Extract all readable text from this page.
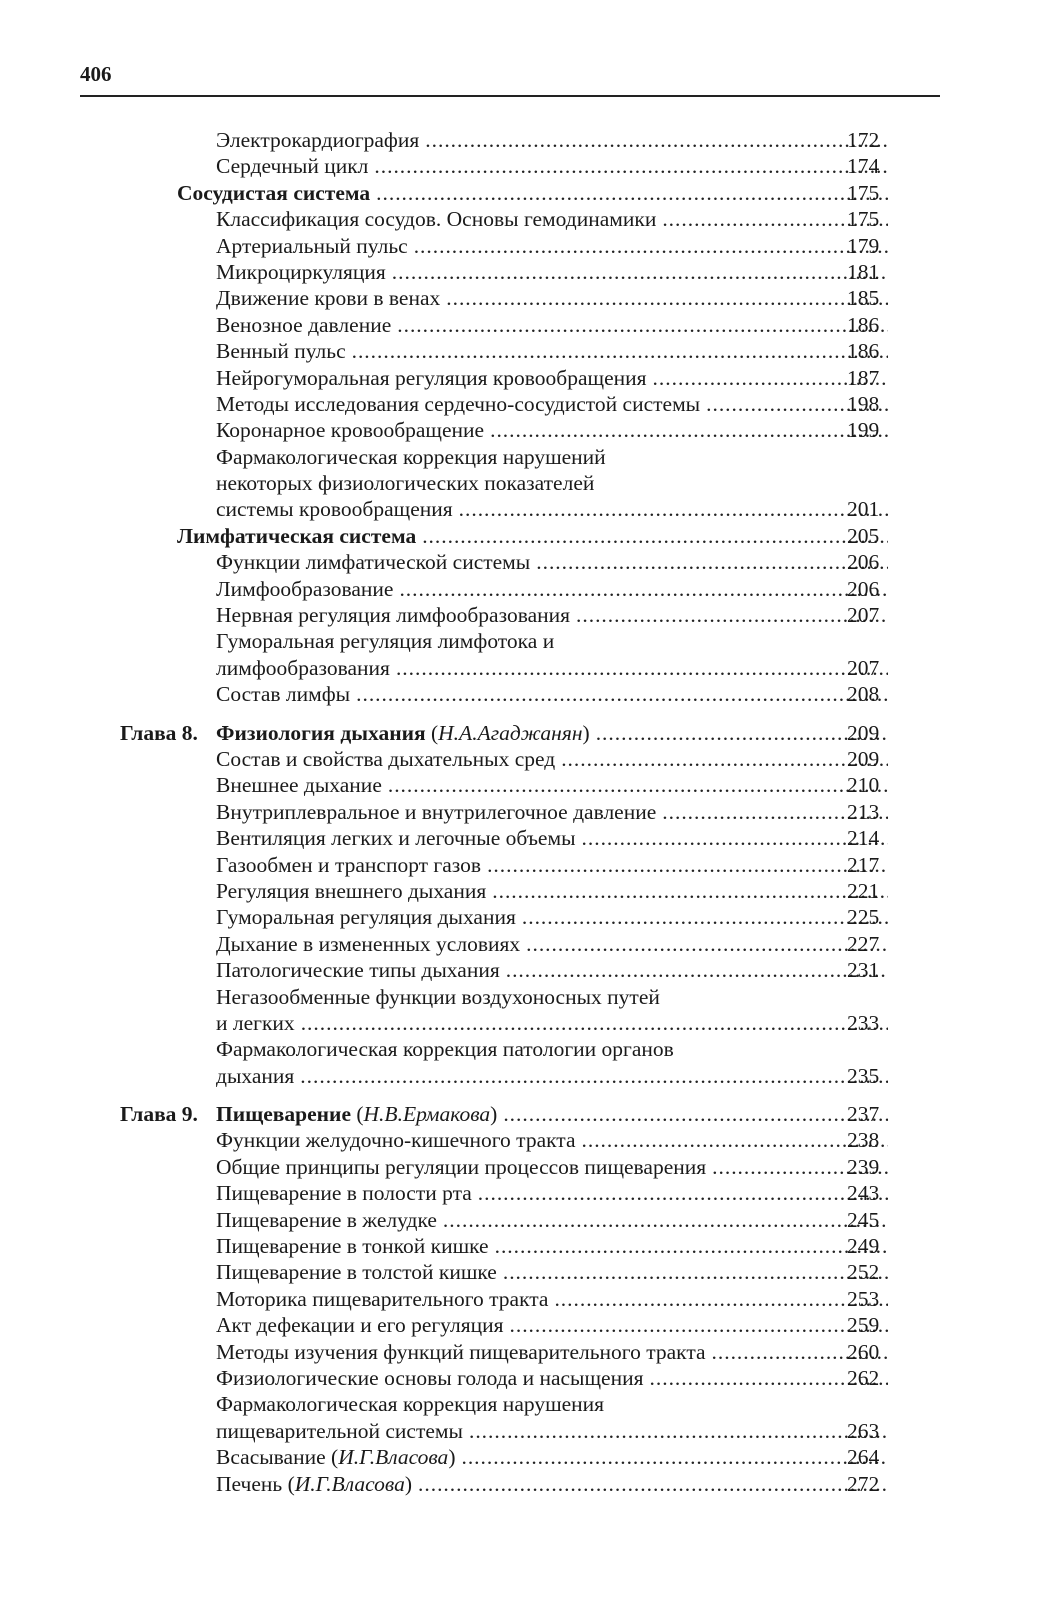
406
Электрокардиография . . .	172
Сердечный цикл . . .	174
Сосудистая система . . .	175
Классификация сосудов. Основы гемодинамики . . .	175
Артериальный пульс . . .	179
Микроциркуляция . . .	181
Движение крови в венах . . .	185
Венозное давление . . .	186
Венный пульс . . .	186
Нейрогуморальная регуляция кровообращения . . .	187
Методы исследования сердечно-сосудистой системы . . .	198
Коронарное кровообращение . . .	199
Фармакологическая коррекция нарушений
некоторых физиологических показателей
системы кровообращения . . .	201
Лимфатическая система . . .	205
Функции лимфатической системы . . .	206
Лимфообразование . . .	206
Нервная регуляция лимфообразования . . .	207
Гуморальная регуляция лимфотока и
лимфообразования . . .	207
Состав лимфы . . .	208
Глава 8. Физиология дыхания (Н.А.Агаджанян) . . .	209
Состав и свойства дыхательных сред . . .	209
Внешнее дыхание . . .	210
Внутриплевральное и внутрилегочное давление . . .	213
Вентиляция легких и легочные объемы . . .	214
Газообмен и транспорт газов . . .	217
Регуляция внешнего дыхания . . .	221
Гуморальная регуляция дыхания . . .	225
Дыхание в измененных условиях . . .	227
Патологические типы дыхания . . .	231
Негазообменные функции воздухоносных путей
и легких . . .	233
Фармакологическая коррекция патологии органов
дыхания . . .	235
Глава 9. Пищеварение (Н.В.Ермакова) . . .	237
Функции желудочно-кишечного тракта . . .	238
Общие принципы регуляции процессов пищеварения . . .	239
Пищеварение в полости рта . . .	243
Пищеварение в желудке . . .	245
Пищеварение в тонкой кишке . . .	249
Пищеварение в толстой кишке . . .	252
Моторика пищеварительного тракта . . .	253
Акт дефекации и его регуляция . . .	259
Методы изучения функций пищеварительного тракта . . .	260
Физиологические основы голода и насыщения . . .	262
Фармакологическая коррекция нарушения
пищеварительной системы . . .	263
Всасывание (И.Г.Власова) . . .	264
Печень (И.Г.Власова) . . .	272
